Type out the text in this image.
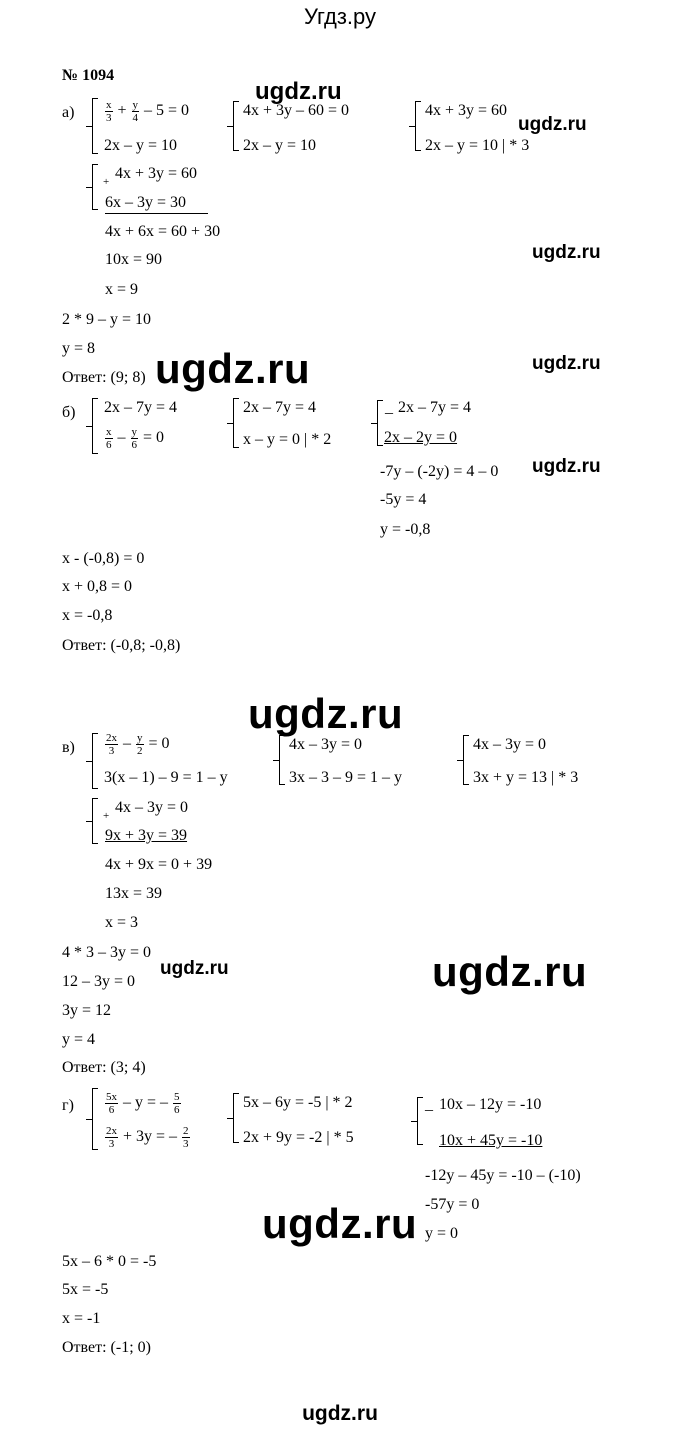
Угдз.ру
№ 1094
а)	$\frac{x}{3} + \frac{y}{4} - 5 = 0$
2x – y = 10
4x + 3y – 60 = 0
2x – y = 10
4x + 3y = 60
2x – y = 10 | * 3
+ 4x + 3y = 60
6x – 3y = 30
4x + 6x = 60 + 30
10x = 90
x = 9
2 * 9 – y = 10
y = 8
Ответ: (9; 8)
б) 2x – 7y = 4
$\frac{x}{6} - \frac{y}{6} = 0$
2x – 7y = 4
x – y = 0 | * 2
_ 2x – 7y = 4
2x – 2y = 0
-7y – (-2y) = 4 – 0
-5y = 4
y = -0,8
x - (-0,8) = 0
x + 0,8 = 0
x = -0,8
Ответ: (-0,8; -0,8)
в)	$\frac{2x}{3} - \frac{y}{2} = 0$
3(x – 1) – 9 = 1 – y
4x – 3y = 0
3x – 3 – 9 = 1 – y
4x – 3y = 0
3x + y = 13 | * 3
+ 4x – 3y = 0
9x + 3y = 39
4x + 9x = 0 + 39
13x = 39
x = 3
4 * 3 – 3y = 0
12 – 3y = 0
3y = 12
y = 4
Ответ: (3; 4)
г)	$\frac{5x}{6}$ – y = – $\frac{5}{6}$
$\frac{2x}{3} + 3y$ = – $\frac{2}{3}$
5x – 6y = -5 | * 2
2x + 9y = -2 | * 5
_ 10x – 12y = -10
10x + 45y = -10
-12y – 45y = -10 – (-10)
-57y = 0
y = 0
5x – 6 * 0 = -5
5x = -5
x = -1
Ответ: (-1; 0)
ugdz.ru
ugdz.ru
ugdz.ru
ugdz.ru	ugdz.ru
ugdz.ru
ugdz.ru
ugdz.ru	ugdz.ru
ugdz.ru
ugdz.ru
